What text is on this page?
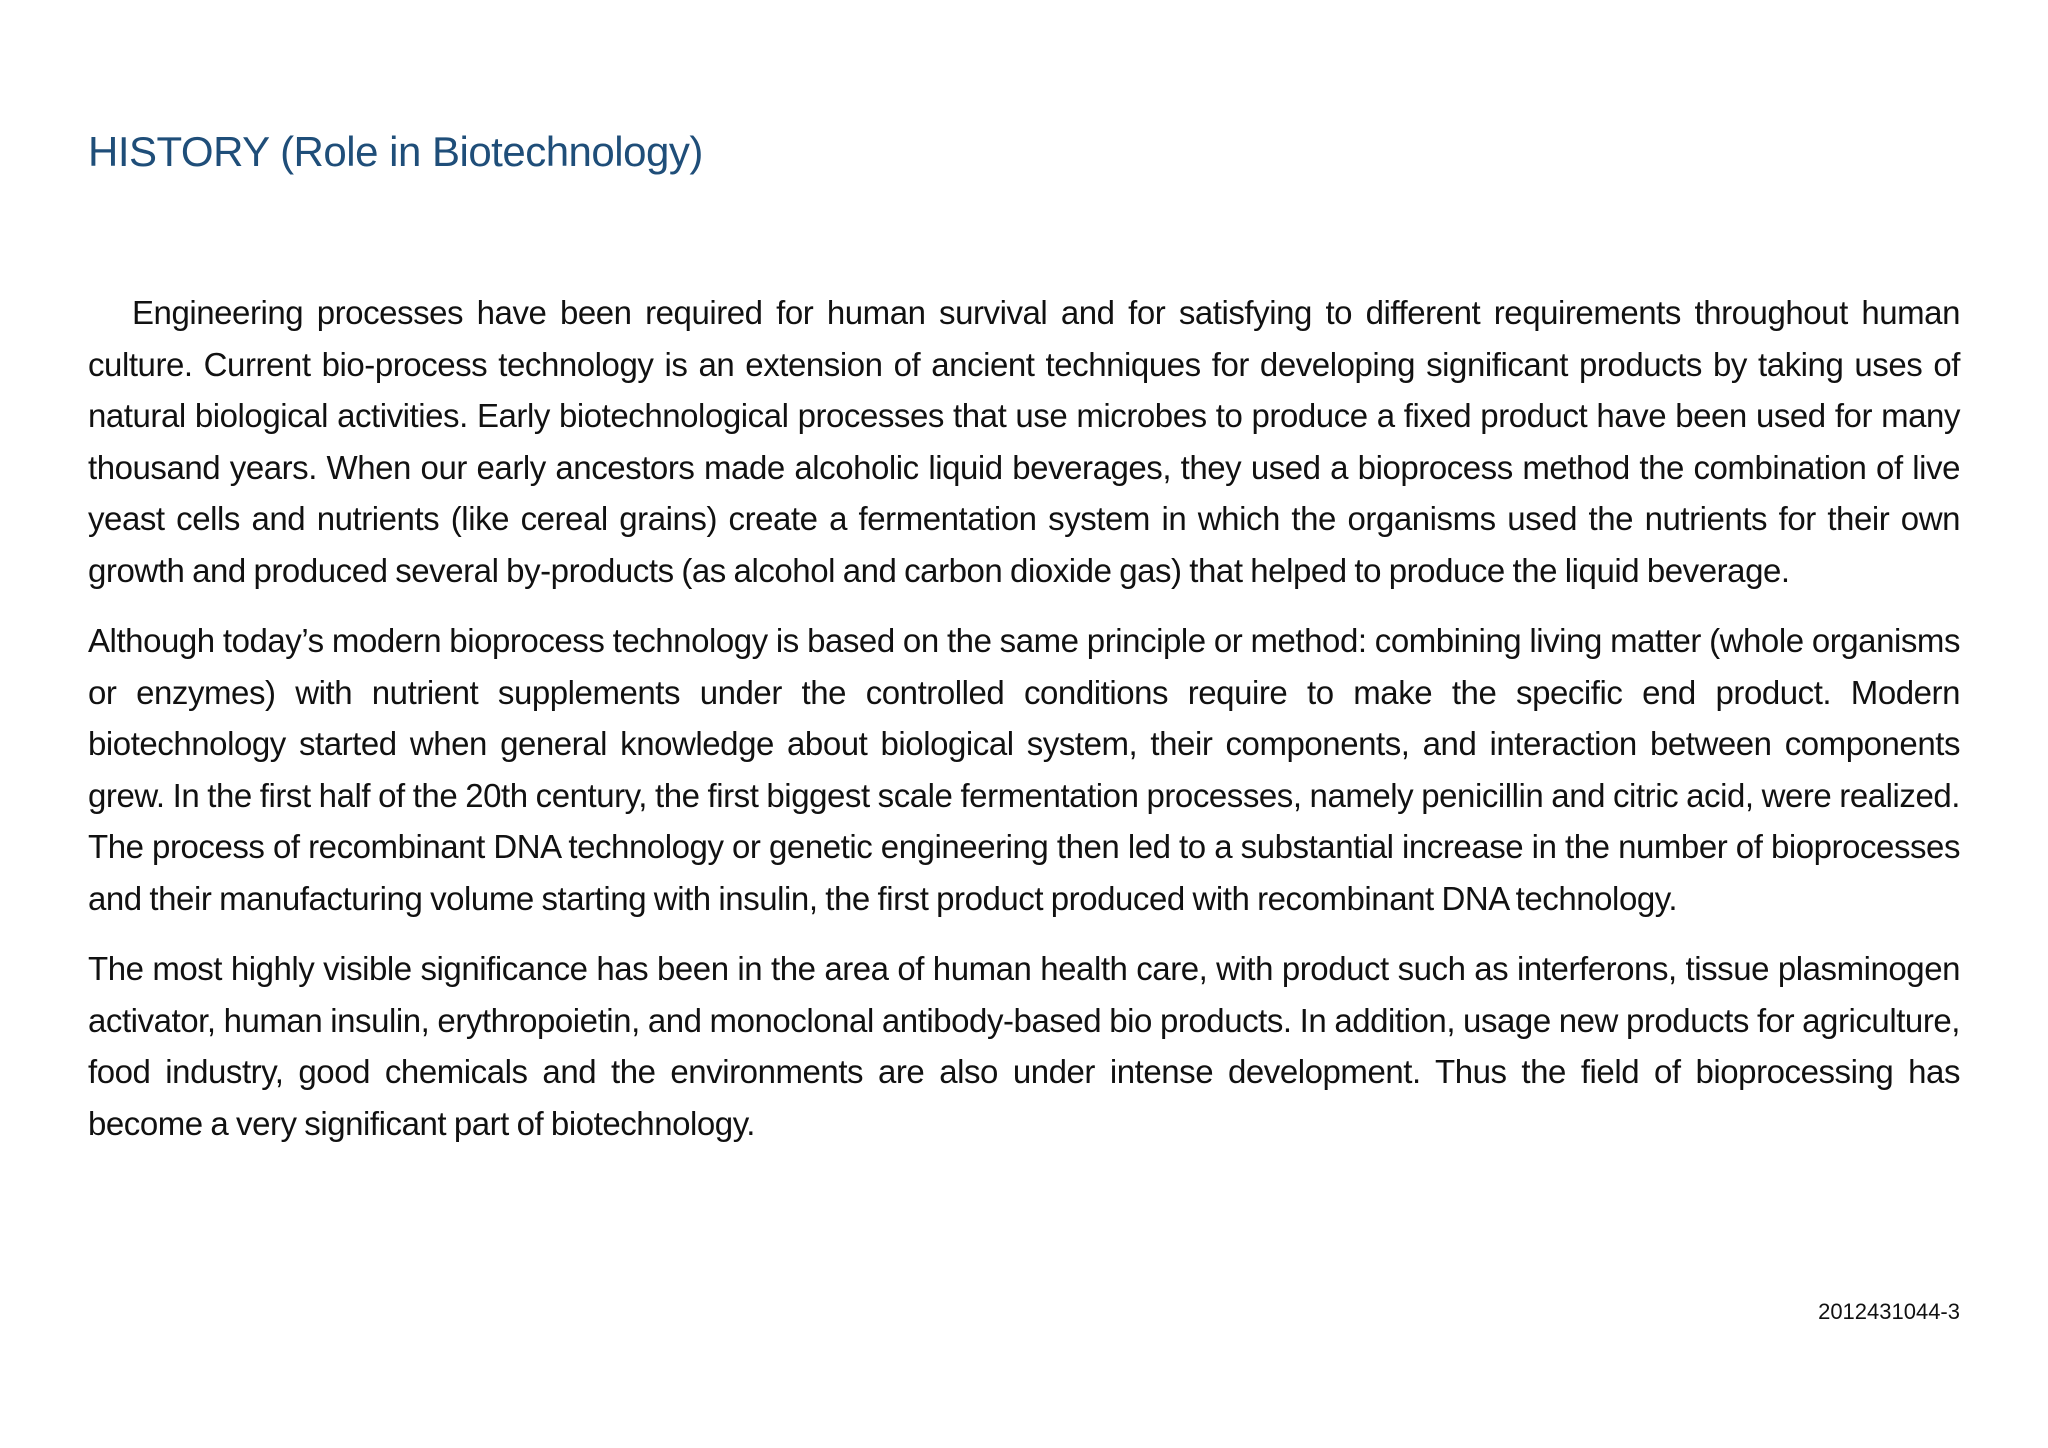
HISTORY (Role in Biotechnology)

Engineering processes have been required for human survival and for satisfying to different requirements throughout human culture. Current bio-process technology is an extension of ancient techniques for developing significant products by taking uses of natural biological activities. Early biotechnological processes that use microbes to produce a fixed product have been used for many thousand years. When our early ancestors made alcoholic liquid beverages, they used a bioprocess method the combination of live yeast cells and nutrients (like cereal grains) create a fermentation system in which the organisms used the nutrients for their own growth and produced several by-products (as alcohol and carbon dioxide gas) that helped to produce the liquid beverage.

Although today’s modern bioprocess technology is based on the same principle or method: combining living matter (whole organisms or enzymes) with nutrient supplements under the controlled conditions require to make the specific end product. Modern biotechnology started when general knowledge about biological system, their components, and interaction between components grew. In the first half of the 20th century, the first biggest scale fermentation processes, namely penicillin and citric acid, were realized. The process of recombinant DNA technology or genetic engineering then led to a substantial increase in the number of bioprocesses and their manufacturing volume starting with insulin, the first product produced with recombinant DNA technology.

The most highly visible significance has been in the area of human health care, with product such as interferons, tissue plasminogen activator, human insulin, erythropoietin, and monoclonal antibody-based bio products. In addition, usage new products for agriculture, food industry, good chemicals and the environments are also under intense development. Thus the field of bioprocessing has become a very significant part of biotechnology.

2012431044-3
